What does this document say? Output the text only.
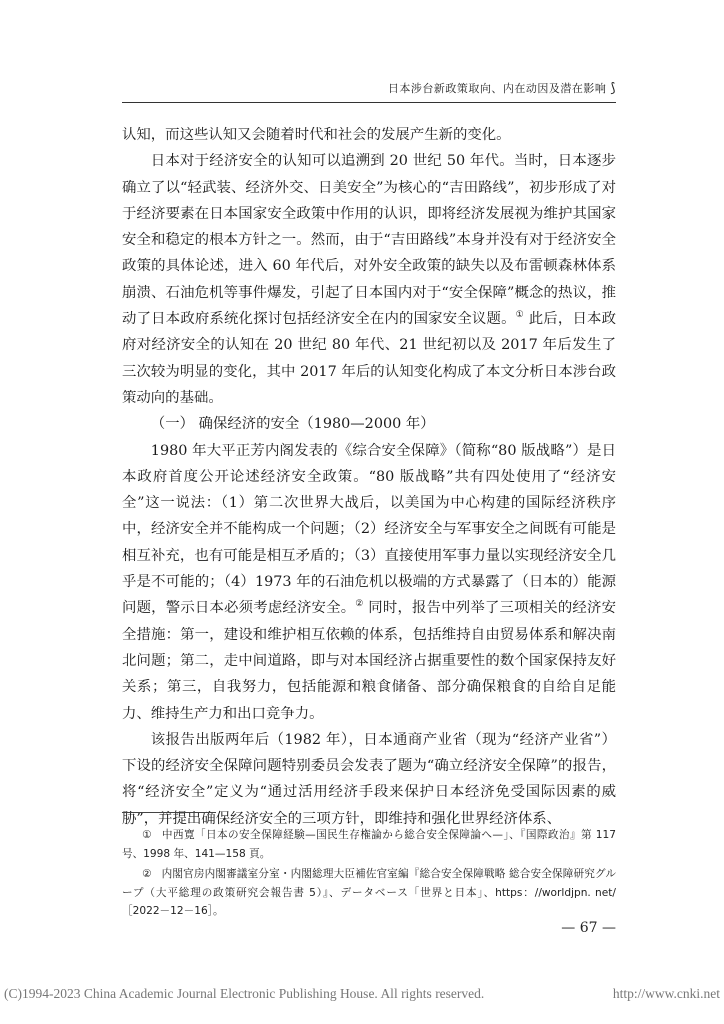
日本涉台新政策取向、内在动因及潜在影响 ⟆

认知，而这些认知又会随着时代和社会的发展产生新的变化。

日本对于经济安全的认知可以追溯到 20 世纪 50 年代。当时，日本逐步确立了以“轻武装、经济外交、日美安全”为核心的“吉田路线”，初步形成了对于经济要素在日本国家安全政策中作用的认识，即将经济发展视为维护其国家安全和稳定的根本方针之一。然而，由于“吉田路线”本身并没有对于经济安全政策的具体论述，进入 60 年代后，对外安全政策的缺失以及布雷顿森林体系崩溃、石油危机等事件爆发，引起了日本国内对于“安全保障”概念的热议，推动了日本政府系统化探讨包括经济安全在内的国家安全议题。① 此后，日本政府对经济安全的认知在 20 世纪 80 年代、21 世纪初以及 2017 年后发生了三次较为明显的变化，其中 2017 年后的认知变化构成了本文分析日本涉台政策动向的基础。

（一） 确保经济的安全（1980—2000 年）

1980 年大平正芳内阁发表的《综合安全保障》（简称“80 版战略”）是日本政府首度公开论述经济安全政策。“80 版战略”共有四处使用了“经济安全”这一说法：（1）第二次世界大战后，以美国为中心构建的国际经济秩序中，经济安全并不能构成一个问题；（2）经济安全与军事安全之间既有可能是相互补充，也有可能是相互矛盾的；（3）直接使用军事力量以实现经济安全几乎是不可能的；（4）1973 年的石油危机以极端的方式暴露了（日本的）能源问题，警示日本必须考虑经济安全。② 同时，报告中列举了三项相关的经济安全措施：第一，建设和维护相互依赖的体系，包括维持自由贸易体系和解决南北问题；第二，走中间道路，即与对本国经济占据重要性的数个国家保持友好关系；第三，自我努力，包括能源和粮食储备、部分确保粮食的自给自足能力、维持生产力和出口竞争力。

该报告出版两年后（1982 年），日本通商产业省（现为“经济产业省”）下设的经济安全保障问题特别委员会发表了题为“确立经济安全保障”的报告，将“经济安全”定义为“通过活用经济手段来保护日本经济免受国际因素的威胁”，并提出确保经济安全的三项方针，即维持和强化世界经济体系、

① 中西寛「日本の安全保障経験—国民生存権論から総合安全保障論へ—」、『国際政治』第 117 号、1998 年、141—158 頁。

② 内閣官房内閣審議室分室・内閣総理大臣補佐官室編『総合安全保障戦略 総合安全保障研究グループ（大平総理の政策研究会報告書 5）』、データベース「世界と日本」、https：//worldjpn. net/［2022－12－16］。

— 67 —
(C)1994-2023 China Academic Journal Electronic Publishing House. All rights reserved.	http://www.cnki.net
